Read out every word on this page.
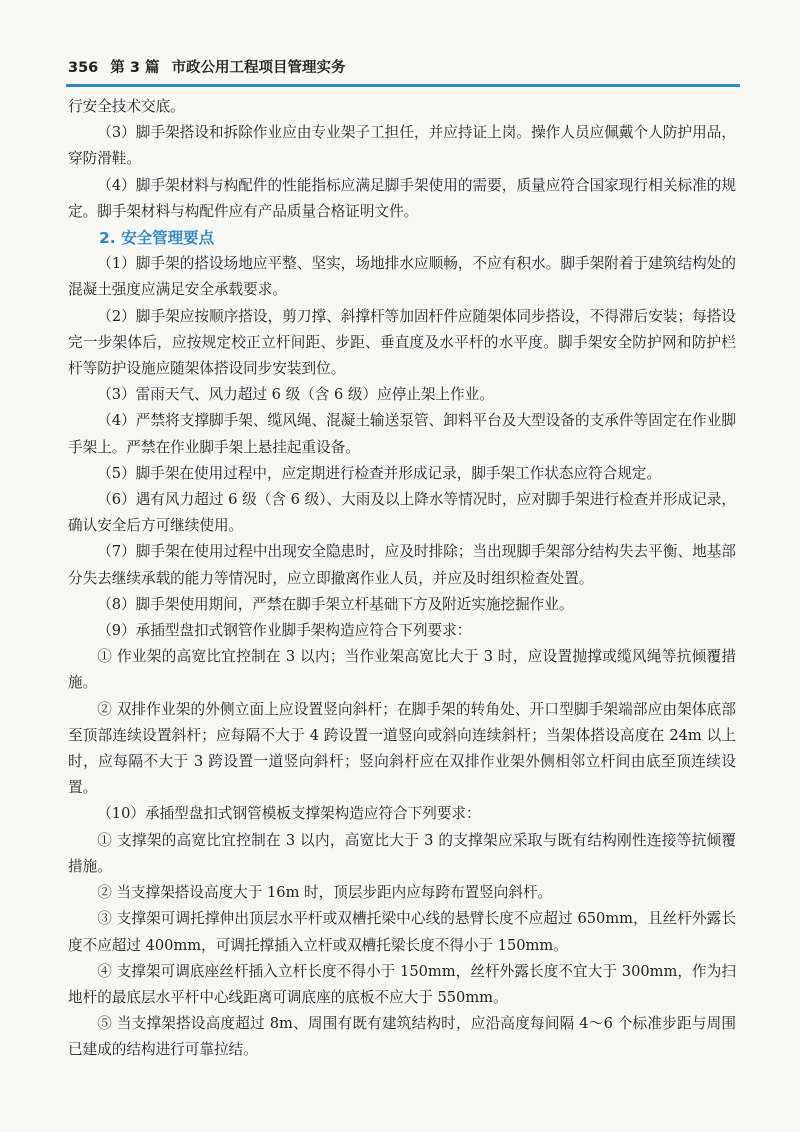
356 第 3 篇 市政公用工程项目管理实务

行安全技术交底。

（3）脚手架搭设和拆除作业应由专业架子工担任，并应持证上岗。操作人员应佩戴个人防护用品，穿防滑鞋。

（4）脚手架材料与构配件的性能指标应满足脚手架使用的需要，质量应符合国家现行相关标准的规定。脚手架材料与构配件应有产品质量合格证明文件。

2. 安全管理要点

（1）脚手架的搭设场地应平整、坚实，场地排水应顺畅，不应有积水。脚手架附着于建筑结构处的混凝土强度应满足安全承载要求。

（2）脚手架应按顺序搭设，剪刀撑、斜撑杆等加固杆件应随架体同步搭设，不得滞后安装；每搭设完一步架体后，应按规定校正立杆间距、步距、垂直度及水平杆的水平度。脚手架安全防护网和防护栏杆等防护设施应随架体搭设同步安装到位。

（3）雷雨天气、风力超过 6 级（含 6 级）应停止架上作业。

（4）严禁将支撑脚手架、缆风绳、混凝土输送泵管、卸料平台及大型设备的支承件等固定在作业脚手架上。严禁在作业脚手架上悬挂起重设备。

（5）脚手架在使用过程中，应定期进行检查并形成记录，脚手架工作状态应符合规定。

（6）遇有风力超过 6 级（含 6 级）、大雨及以上降水等情况时，应对脚手架进行检查并形成记录，确认安全后方可继续使用。

（7）脚手架在使用过程中出现安全隐患时，应及时排除；当出现脚手架部分结构失去平衡、地基部分失去继续承载的能力等情况时，应立即撤离作业人员，并应及时组织检查处置。

（8）脚手架使用期间，严禁在脚手架立杆基础下方及附近实施挖掘作业。

（9）承插型盘扣式钢管作业脚手架构造应符合下列要求：

① 作业架的高宽比宜控制在 3 以内；当作业架高宽比大于 3 时，应设置抛撑或缆风绳等抗倾覆措施。

② 双排作业架的外侧立面上应设置竖向斜杆；在脚手架的转角处、开口型脚手架端部应由架体底部至顶部连续设置斜杆；应每隔不大于 4 跨设置一道竖向或斜向连续斜杆；当架体搭设高度在 24m 以上时，应每隔不大于 3 跨设置一道竖向斜杆；竖向斜杆应在双排作业架外侧相邻立杆间由底至顶连续设置。

（10）承插型盘扣式钢管模板支撑架构造应符合下列要求：

① 支撑架的高宽比宜控制在 3 以内，高宽比大于 3 的支撑架应采取与既有结构刚性连接等抗倾覆措施。

② 当支撑架搭设高度大于 16m 时，顶层步距内应每跨布置竖向斜杆。

③ 支撑架可调托撑伸出顶层水平杆或双槽托梁中心线的悬臂长度不应超过 650mm，且丝杆外露长度不应超过 400mm，可调托撑插入立杆或双槽托梁长度不得小于 150mm。

④ 支撑架可调底座丝杆插入立杆长度不得小于 150mm，丝杆外露长度不宜大于 300mm，作为扫地杆的最底层水平杆中心线距离可调底座的底板不应大于 550mm。

⑤ 当支撑架搭设高度超过 8m、周围有既有建筑结构时，应沿高度每间隔 4～6 个标准步距与周围已建成的结构进行可靠拉结。
